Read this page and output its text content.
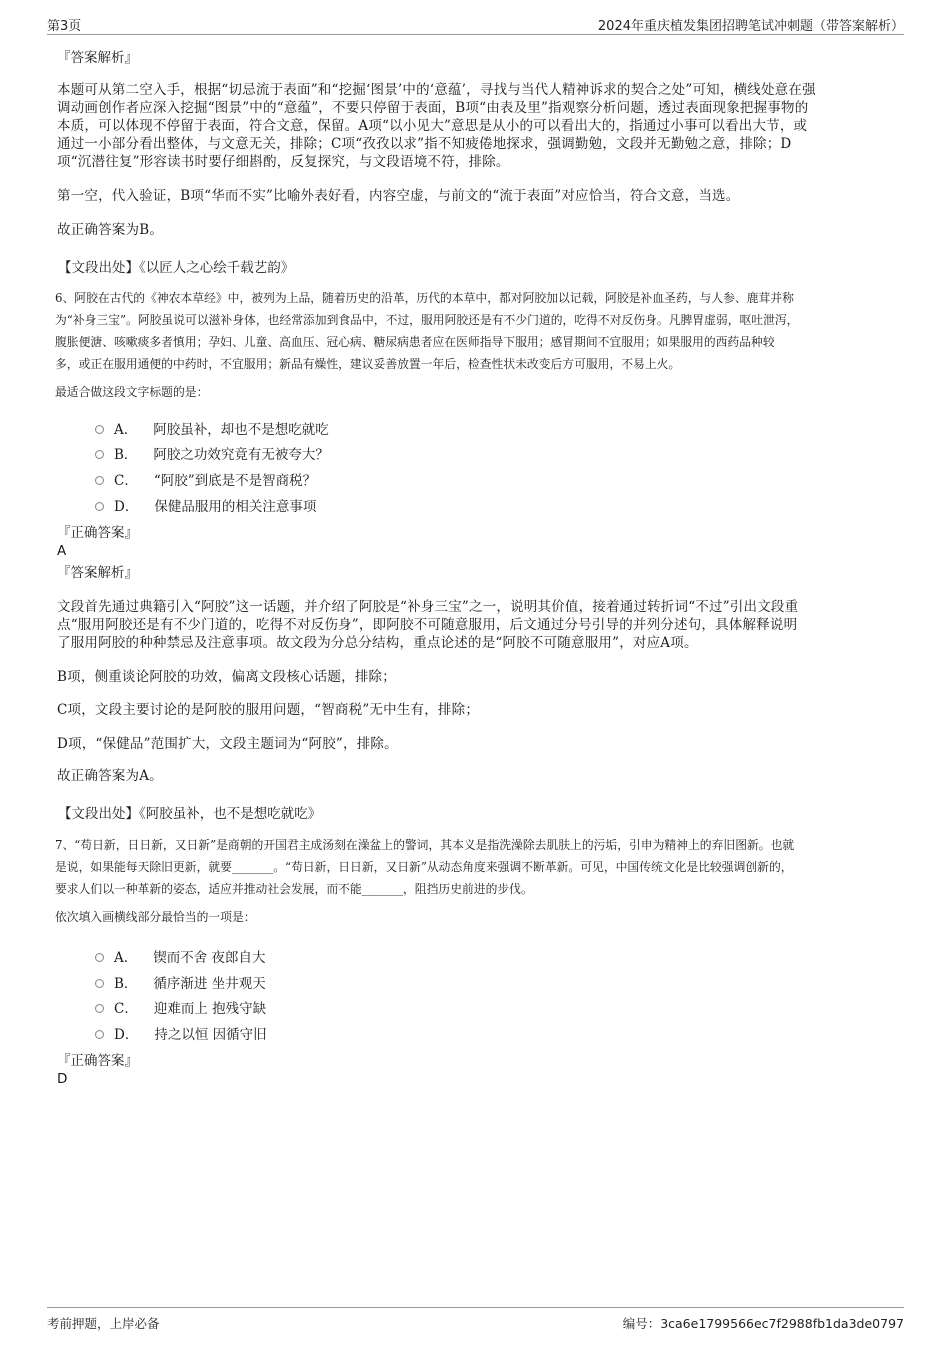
第3页	2024年重庆植发集团招聘笔试冲刺题（带答案解析）
『答案解析』
本题可从第二空入手，根据“切忌流于表面”和“挖掘‘图景’中的‘意蕴’，寻找与当代人精神诉求的契合之处”可知，横线处意在强
调动画创作者应深入挖掘“图景”中的“意蕴”，不要只停留于表面，B项“由表及里”指观察分析问题，透过表面现象把握事物的
本质，可以体现不停留于表面，符合文意，保留。A项“以小见大”意思是从小的可以看出大的，指通过小事可以看出大节，或
通过一小部分看出整体，与文意无关，排除；C项“孜孜以求”指不知疲倦地探求，强调勤勉，文段并无勤勉之意，排除；D
项“沉潜往复”形容读书时要仔细斟酌，反复探究，与文段语境不符，排除。
第一空，代入验证，B项“华而不实”比喻外表好看，内容空虚，与前文的“流于表面”对应恰当，符合文意，当选。
故正确答案为B。
【文段出处】《以匠人之心绘千载艺韵》
6、阿胶在古代的《神农本草经》中，被列为上品，随着历史的沿革，历代的本草中，都对阿胶加以记载，阿胶是补血圣药，与人参、鹿茸并称
为“补身三宝”。阿胶虽说可以滋补身体，也经常添加到食品中，不过，服用阿胶还是有不少门道的，吃得不对反伤身。凡脾胃虚弱，呕吐泄泻，
腹胀便溏、咳嗽痰多者慎用；孕妇、儿童、高血压、冠心病、糖尿病患者应在医师指导下服用；感冒期间不宜服用；如果服用的西药品种较
多，或正在服用通便的中药时，不宜服用；新品有燥性，建议妥善放置一年后，检查性状未改变后方可服用，不易上火。
最适合做这段文字标题的是：
A． 阿胶虽补，却也不是想吃就吃
B． 阿胶之功效究竟有无被夸大？
C． “阿胶”到底是不是智商税？
D． 保健品服用的相关注意事项
『正确答案』
A
『答案解析』
文段首先通过典籍引入“阿胶”这一话题，并介绍了阿胶是“补身三宝”之一，说明其价值，接着通过转折词“不过”引出文段重
点“服用阿胶还是有不少门道的，吃得不对反伤身”，即阿胶不可随意服用，后文通过分号引导的并列分述句，具体解释说明
了服用阿胶的种种禁忌及注意事项。故文段为分总分结构，重点论述的是“阿胶不可随意服用”，对应A项。
B项，侧重谈论阿胶的功效，偏离文段核心话题，排除；
C项，文段主要讨论的是阿胶的服用问题，“智商税”无中生有，排除；
D项，“保健品”范围扩大，文段主题词为“阿胶”，排除。
故正确答案为A。
【文段出处】《阿胶虽补，也不是想吃就吃》
7、“苟日新，日日新，又日新”是商朝的开国君主成汤刻在澡盆上的警词，其本义是指洗澡除去肌肤上的污垢，引申为精神上的弃旧图新。也就
是说，如果能每天除旧更新，就要_______。“苟日新，日日新，又日新”从动态角度来强调不断革新。可见，中国传统文化是比较强调创新的，
要求人们以一种革新的姿态，适应并推动社会发展，而不能_______，阻挡历史前进的步伐。
依次填入画横线部分最恰当的一项是：
A． 锲而不舍 夜郎自大
B． 循序渐进 坐井观天
C． 迎难而上 抱残守缺
D． 持之以恒 因循守旧
『正确答案』
D
考前押题，上岸必备	编号：3ca6e1799566ec7f2988fb1da3de0797
